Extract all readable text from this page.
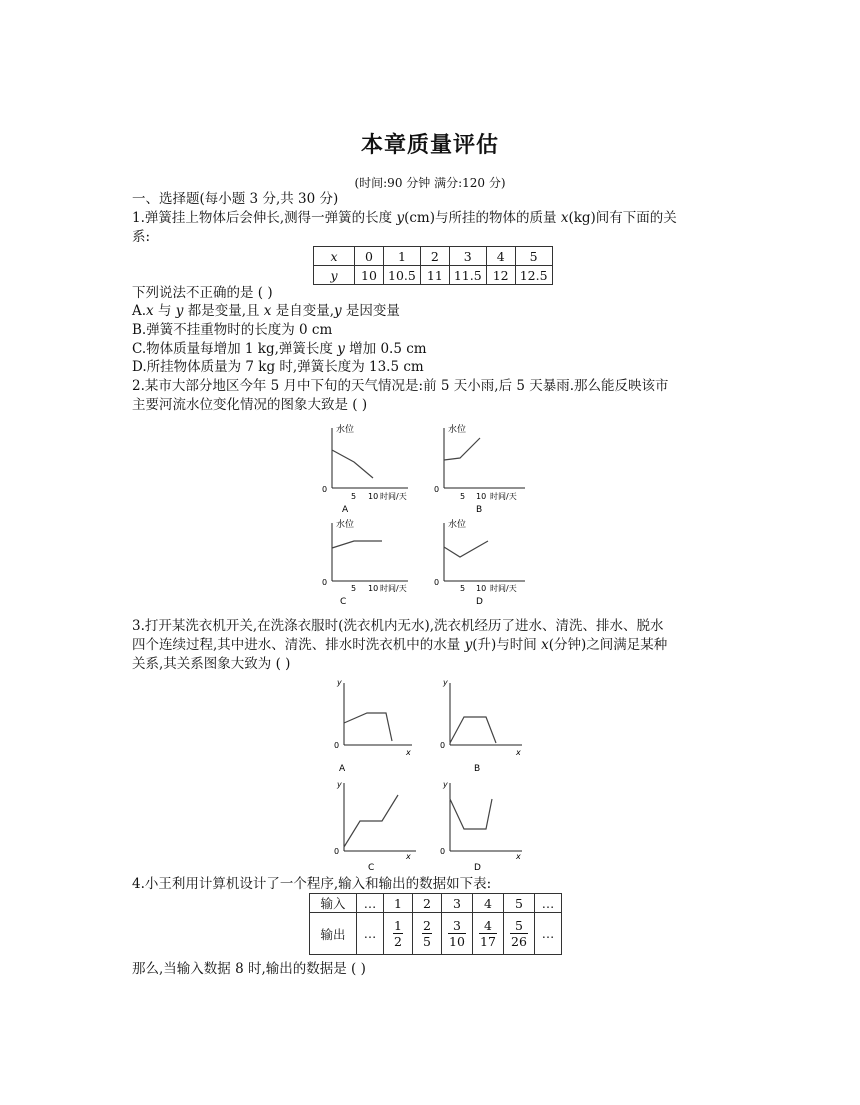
本章质量评估
(时间:90 分钟 满分:120 分)
一、选择题(每小题 3 分,共 30 分)
1.弹簧挂上物体后会伸长,测得一弹簧的长度 y(cm)与所挂的物体的质量 x(kg)间有下面的关
系:
x	0	1	2	3	4	5
y	10	10.5	11	11.5	12	12.5
下列说法不正确的是 ( )
A.x 与 y 都是变量,且 x 是自变量,y 是因变量
B.弹簧不挂重物时的长度为 0 cm
C.物体质量每增加 1 kg,弹簧长度 y 增加 0.5 cm
D.所挂物体质量为 7 kg 时,弹簧长度为 13.5 cm
2.某市大部分地区今年 5 月中下旬的天气情况是:前 5 天小雨,后 5 天暴雨.那么能反映该市
主要河流水位变化情况的图象大致是 ( )
水位
0
5 10 时间/天
A
水位
0
5 10 时间/天
B
水位
0
5 10 时间/天
C
水位
0
5 10 时间/天
D
3.打开某洗衣机开关,在洗涤衣服时(洗衣机内无水),洗衣机经历了进水、清洗、排水、脱水
四个连续过程,其中进水、清洗、排水时洗衣机中的水量 y(升)与时间 x(分钟)之间满足某种
关系,其关系图象大致为 ( )
y
0
x
A
y
0
x
B
y
0
x
C
y
0
x
D
4.小王利用计算机设计了一个程序,输入和输出的数据如下表:
输入	…	1	2	3	4	5	…
输出	…	$\frac{1}{2}$	$\frac{2}{5}$	$\frac{3}{10}$	$\frac{4}{17}$	$\frac{5}{26}$	…
那么,当输入数据 8 时,输出的数据是 ( )
